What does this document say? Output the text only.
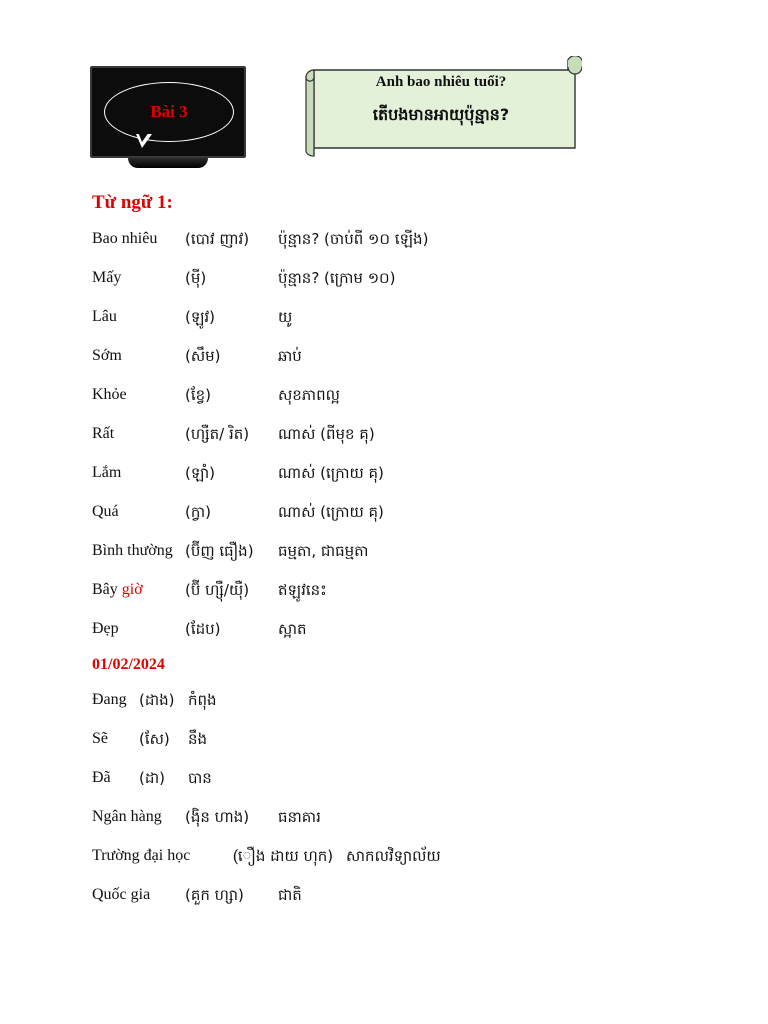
Bài 3
Anh bao nhiêu tuổi?
តើបងមានអាយុប៉ុន្មាន?
Từ ngữ 1:
Bao nhiêu (បោវ ញាវ) ប៉ុន្មាន? (ចាប់ពី ១០ ឡើង)
Mấy	(ម៉ី)	ប៉ុន្មាន? (ក្រោម ១០)
Lâu	(ឡូវ)	យូ
Sớm	(សឹម)	ឆាប់
Khỏe	(ខ្វែ)	សុខភាពល្អ
Rất	(ហ្សឺត/ រិត) ណាស់ (ពីមុខ គុ)
Lắm	(ឡាំ)	ណាស់ (ក្រោយ គុ)
Quá	(ក្វា)	ណាស់ (ក្រោយ គុ)
Bình thường (ប៊ីញ ធឿង) ធម្មតា, ជាធម្មតា
Bây giờ	(ប៊ី ហ្ស៊ឺ/យ៉ឺ) ឥឡូវនេះ
Đẹp	(ដែប)	ស្អាត
01/02/2024
Đang (ដាង) កំពុង
Sẽ (សែ) នឹង
Đã (ដា) បាន
Ngân hàng (ង៉ិន ហាង) ធនាគារ
Trường đại học	(ឿង ដាយ ហុក) សាកលវិទ្យាល័យ
Quốc gia (គួក ហ្សា) ជាតិ
